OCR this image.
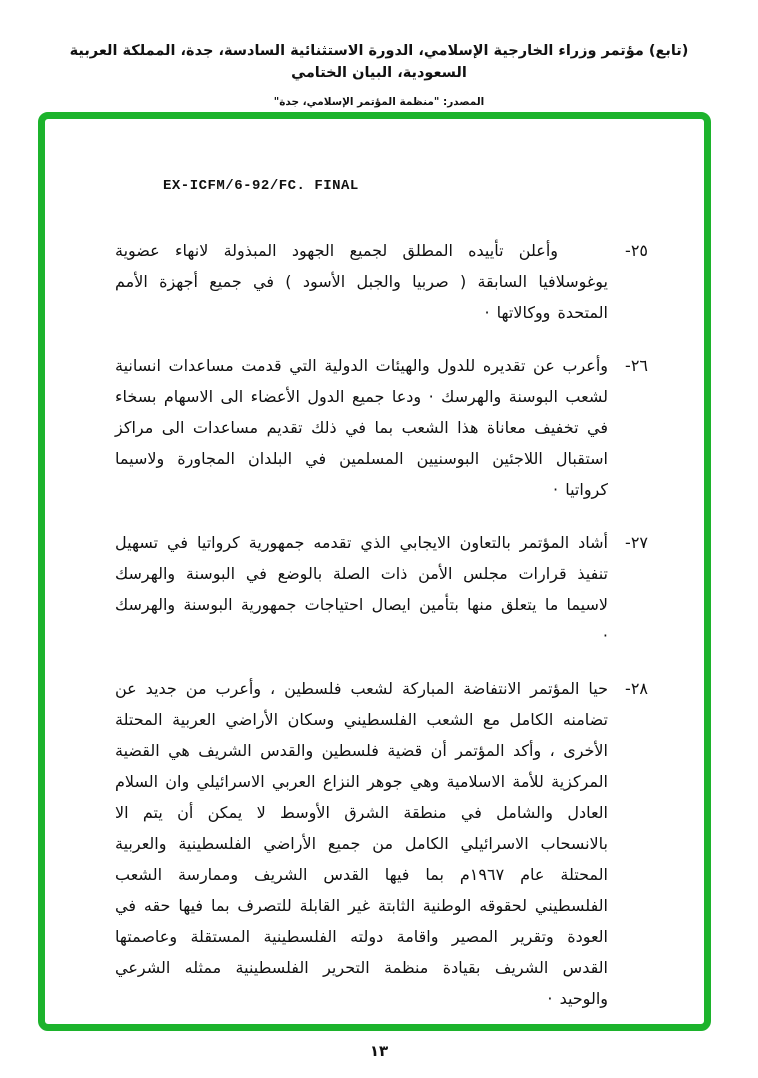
(تابع) مؤتمر وزراء الخارجية الإسلامي، الدورة الاستثنائية السادسة، جدة، المملكة العربية السعودية، البيان الختامي
المصدر: "منظمة المؤتمر الإسلامي، جدة"
EX-ICFM/6-92/FC. FINAL
٢٥-
وأعلن تأييده المطلق لجميع الجهود المبذولة لانهاء عضوية يوغوسلافيا السابقة ( صربيا والجبل الأسود ) في جميع أجهزة الأمم المتحدة ووكالاتها ·
٢٦-
وأعرب عن تقديره للدول والهيئات الدولية التي قدمت مساعدات انسانية لشعب البوسنة والهرسك · ودعا جميع الدول الأعضاء الى الاسهام بسخاء في تخفيف معاناة هذا الشعب بما في ذلك تقديم مساعدات الى مراكز استقبال اللاجئين البوسنيين المسلمين في البلدان المجاورة ولاسيما كرواتيا ·
٢٧-
أشاد المؤتمر بالتعاون الايجابي الذي تقدمه جمهورية كرواتيا في تسهيل تنفيذ قرارات مجلس الأمن ذات الصلة بالوضع في البوسنة والهرسك لاسيما ما يتعلق منها بتأمين ايصال احتياجات جمهورية البوسنة والهرسك ·
٢٨-
حيا المؤتمر الانتفاضة المباركة لشعب فلسطين ، وأعرب من جديد عن تضامنه الكامل مع الشعب الفلسطيني وسكان الأراضي العربية المحتلة الأخرى ، وأكد المؤتمر أن قضية فلسطين والقدس الشريف هي القضية المركزية للأمة الاسلامية وهي جوهر النزاع العربي الاسرائيلي وان السلام العادل والشامل في منطقة الشرق الأوسط لا يمكن أن يتم الا بالانسحاب الاسرائيلي الكامل من جميع الأراضي الفلسطينية والعربية المحتلة عام ١٩٦٧م بما فيها القدس الشريف وممارسة الشعب الفلسطيني لحقوقه الوطنية الثابتة غير القابلة للتصرف بما فيها حقه في العودة وتقرير المصير واقامة دولته الفلسطينية المستقلة وعاصمتها القدس الشريف بقيادة منظمة التحرير الفلسطينية ممثله الشرعي والوحيد ·
١٣
